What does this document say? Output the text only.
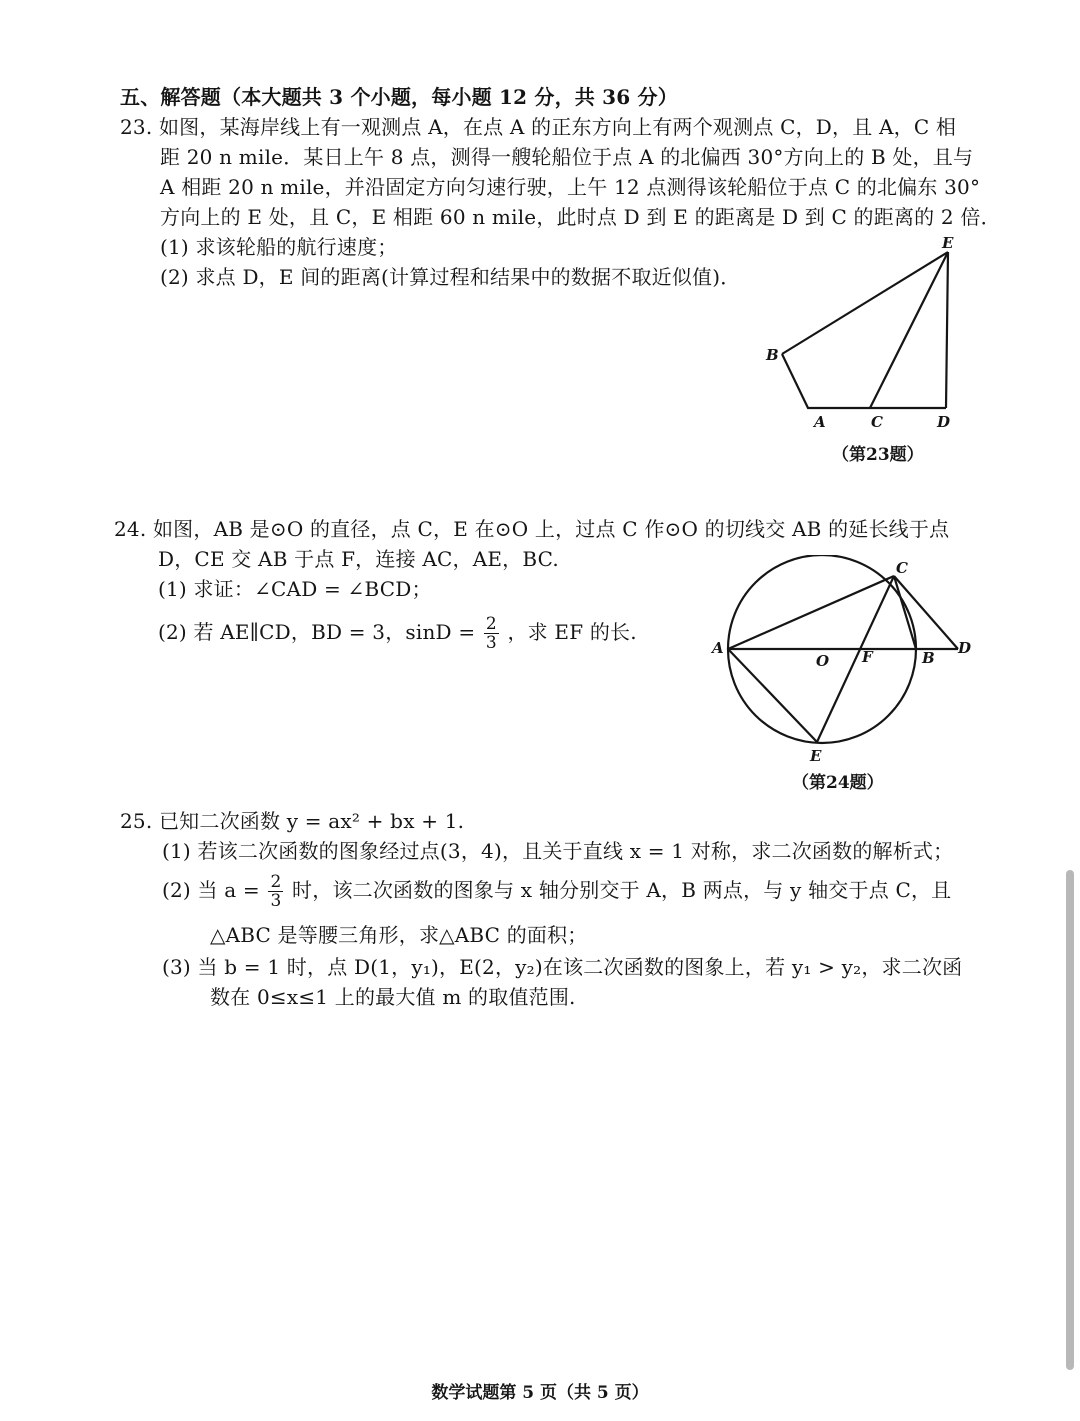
五、解答题（本大题共 3 个小题，每小题 12 分，共 36 分）
23. 如图，某海岸线上有一观测点 A，在点 A 的正东方向上有两个观测点 C，D，且 A，C 相
距 20 n mile．某日上午 8 点，测得一艘轮船位于点 A 的北偏西 30°方向上的 B 处，且与
A 相距 20 n mile，并沿固定方向匀速行驶，上午 12 点测得该轮船位于点 C 的北偏东 30°
方向上的 E 处，且 C，E 相距 60 n mile，此时点 D 到 E 的距离是 D 到 C 的距离的 2 倍．
(1) 求该轮船的航行速度；
(2) 求点 D，E 间的距离(计算过程和结果中的数据不取近似值)．
E
B
A	C	D
（第23题）
24. 如图，AB 是⊙O 的直径，点 C，E 在⊙O 上，过点 C 作⊙O 的切线交 AB 的延长线于点
D，CE 交 AB 于点 F，连接 AC，AE，BC.
(1) 求证：∠CAD = ∠BCD；
(2) 若 AE∥CD，BD = 3，$\sin D = \frac{2}{3}$ ，求 EF 的长.
C
A
O F	B
D
E
（第24题）
25. 已知二次函数 y = ax² + bx + 1.
(1) 若该二次函数的图象经过点(3，4)，且关于直线 x = 1 对称，求二次函数的解析式；
(2) 当 $a = \frac{2}{3}$ 时，该二次函数的图象与 x 轴分别交于 A，B 两点，与 y 轴交于点 C，且
△ABC 是等腰三角形，求△ABC 的面积；
(3) 当 b = 1 时，点 D(1，y₁)，E(2，y₂)在该二次函数的图象上，若 y₁ > y₂，求二次函
数在 0≤x≤1 上的最大值 m 的取值范围.
数学试题第 5 页（共 5 页）
